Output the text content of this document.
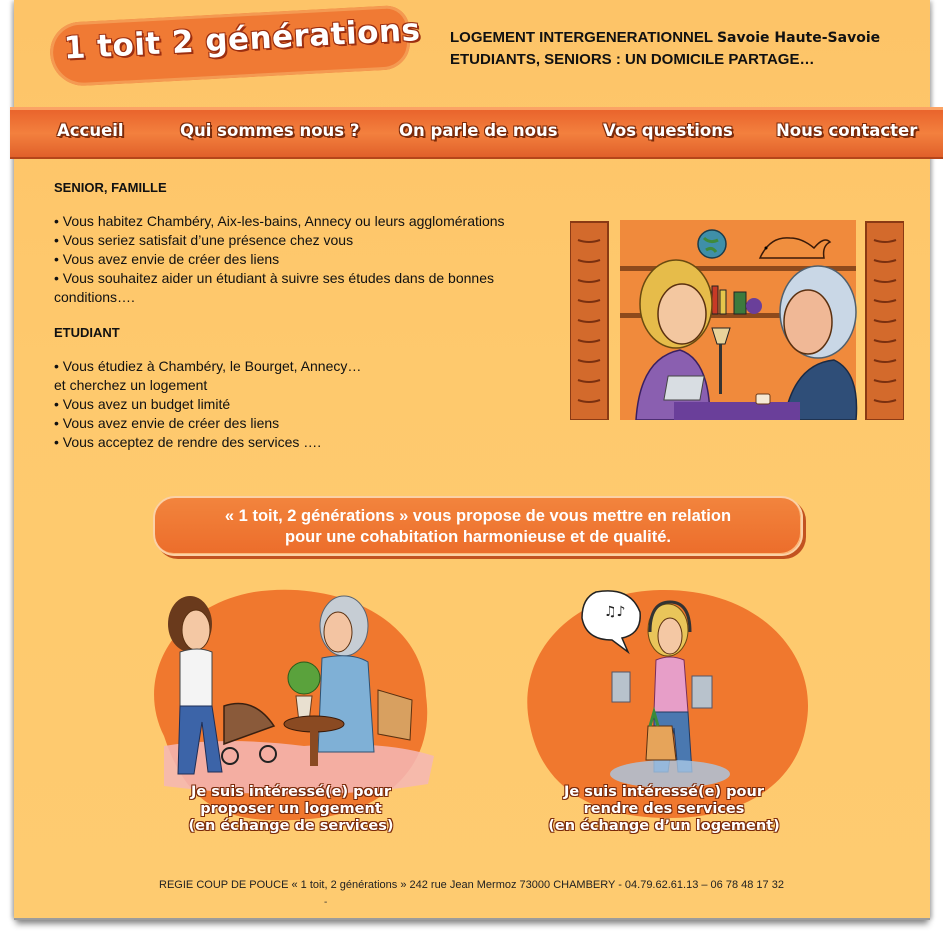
1 toit 2 générations LOGEMENT INTERGENERATIONNEL Savoie Haute-Savoie
ETUDIANTS, SENIORS : UN DOMICILE PARTAGE…
Accueil	Qui sommes nous ? On parle de nous	Vos questions	Nous contacter
SENIOR, FAMILLE
• Vous habitez Chambéry, Aix-les-bains, Annecy ou leurs agglomérations
• Vous seriez satisfait d’une présence chez vous
• Vous avez envie de créer des liens
• Vous souhaitez aider un étudiant à suivre ses études dans de bonnes conditions….
ETUDIANT
• Vous étudiez à Chambéry, le Bourget, Annecy…
et cherchez un logement
• Vous avez un budget limité
• Vous avez envie de créer des liens
• Vous acceptez de rendre des services ….
« 1 toit, 2 générations » vous propose de vous mettre en relation
pour une cohabitation harmonieuse et de qualité.
Je suis intéressé(e) pour
proposer un logement
(en échange de services)
♫♪
Je suis intéressé(e) pour
rendre des services
(en échange d’un logement)
REGIE COUP DE POUCE « 1 toit, 2 générations » 242 rue Jean Mermoz 73000 CHAMBERY - 04.79.62.61.13 – 06 78 48 17 32
-
